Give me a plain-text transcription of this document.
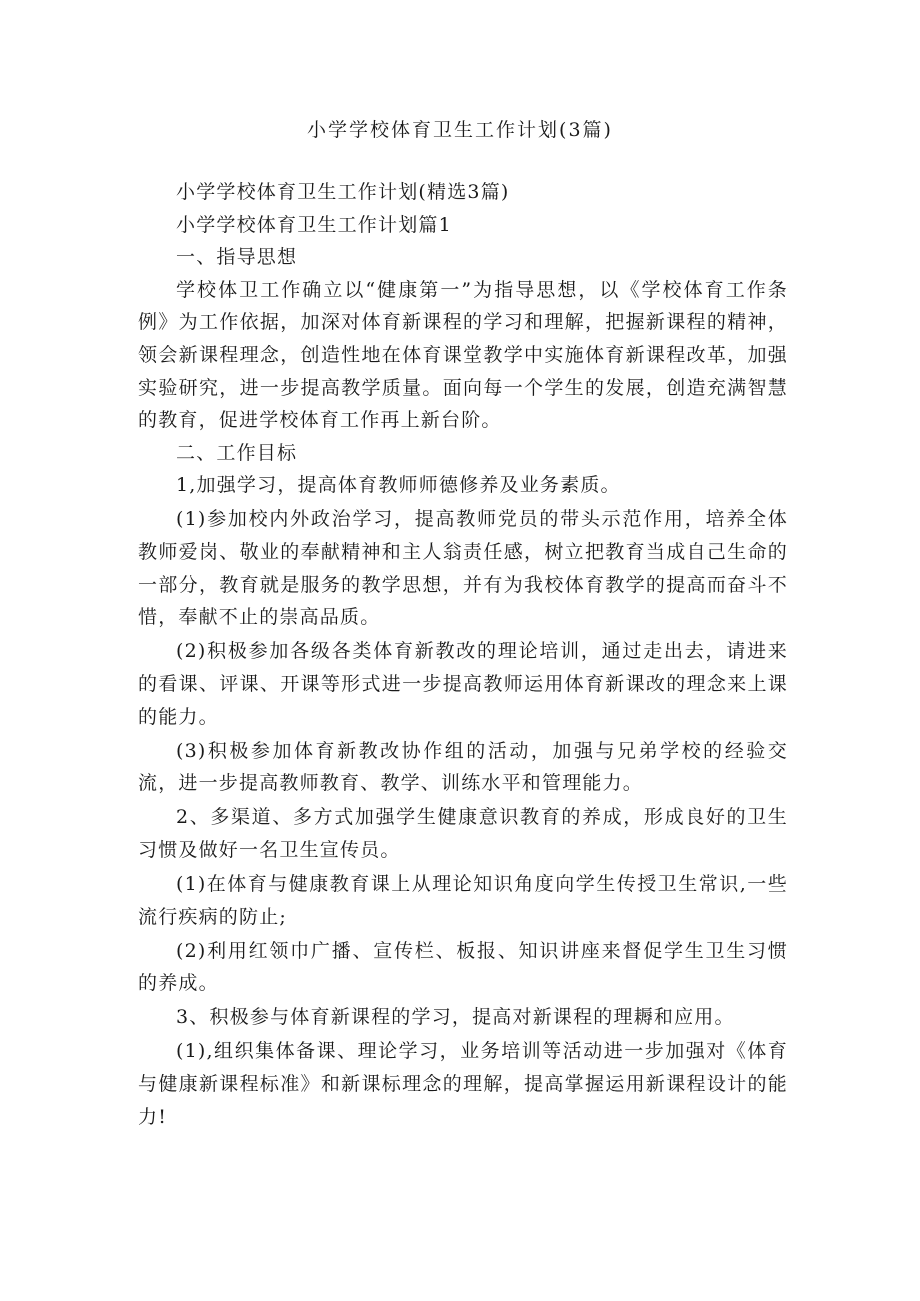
小学学校体育卫生工作计划(3篇)

小学学校体育卫生工作计划(精选3篇)

小学学校体育卫生工作计划篇1

一、指导思想

学校体卫工作确立以“健康第一”为指导思想，以《学校体育工作条例》为工作依据，加深对体育新课程的学习和理解，把握新课程的精神，领会新课程理念，创造性地在体育课堂教学中实施体育新课程改革，加强实验研究，进一步提高教学质量。面向每一个学生的发展，创造充满智慧的教育，促进学校体育工作再上新台阶。

二、工作目标

1,加强学习，提高体育教师师德修养及业务素质。

(1)参加校内外政治学习，提高教师党员的带头示范作用，培养全体教师爱岗、敬业的奉献精神和主人翁责任感，树立把教育当成自己生命的一部分，教育就是服务的教学思想，并有为我校体育教学的提高而奋斗不惜，奉献不止的崇高品质。

(2)积极参加各级各类体育新教改的理论培训，通过走出去，请进来的看课、评课、开课等形式进一步提高教师运用体育新课改的理念来上课的能力。

(3)积极参加体育新教改协作组的活动，加强与兄弟学校的经验交流，进一步提高教师教育、教学、训练水平和管理能力。

2、多渠道、多方式加强学生健康意识教育的养成，形成良好的卫生习惯及做好一名卫生宣传员。

(1)在体育与健康教育课上从理论知识角度向学生传授卫生常识,一些流行疾病的防止;

(2)利用红领巾广播、宣传栏、板报、知识讲座来督促学生卫生习惯的养成。

3、积极参与体育新课程的学习，提高对新课程的理耨和应用。

(1),组织集体备课、理论学习，业务培训等活动进一步加强对《体育与健康新课程标准》和新课标理念的理解，提高掌握运用新课程设计的能力!
